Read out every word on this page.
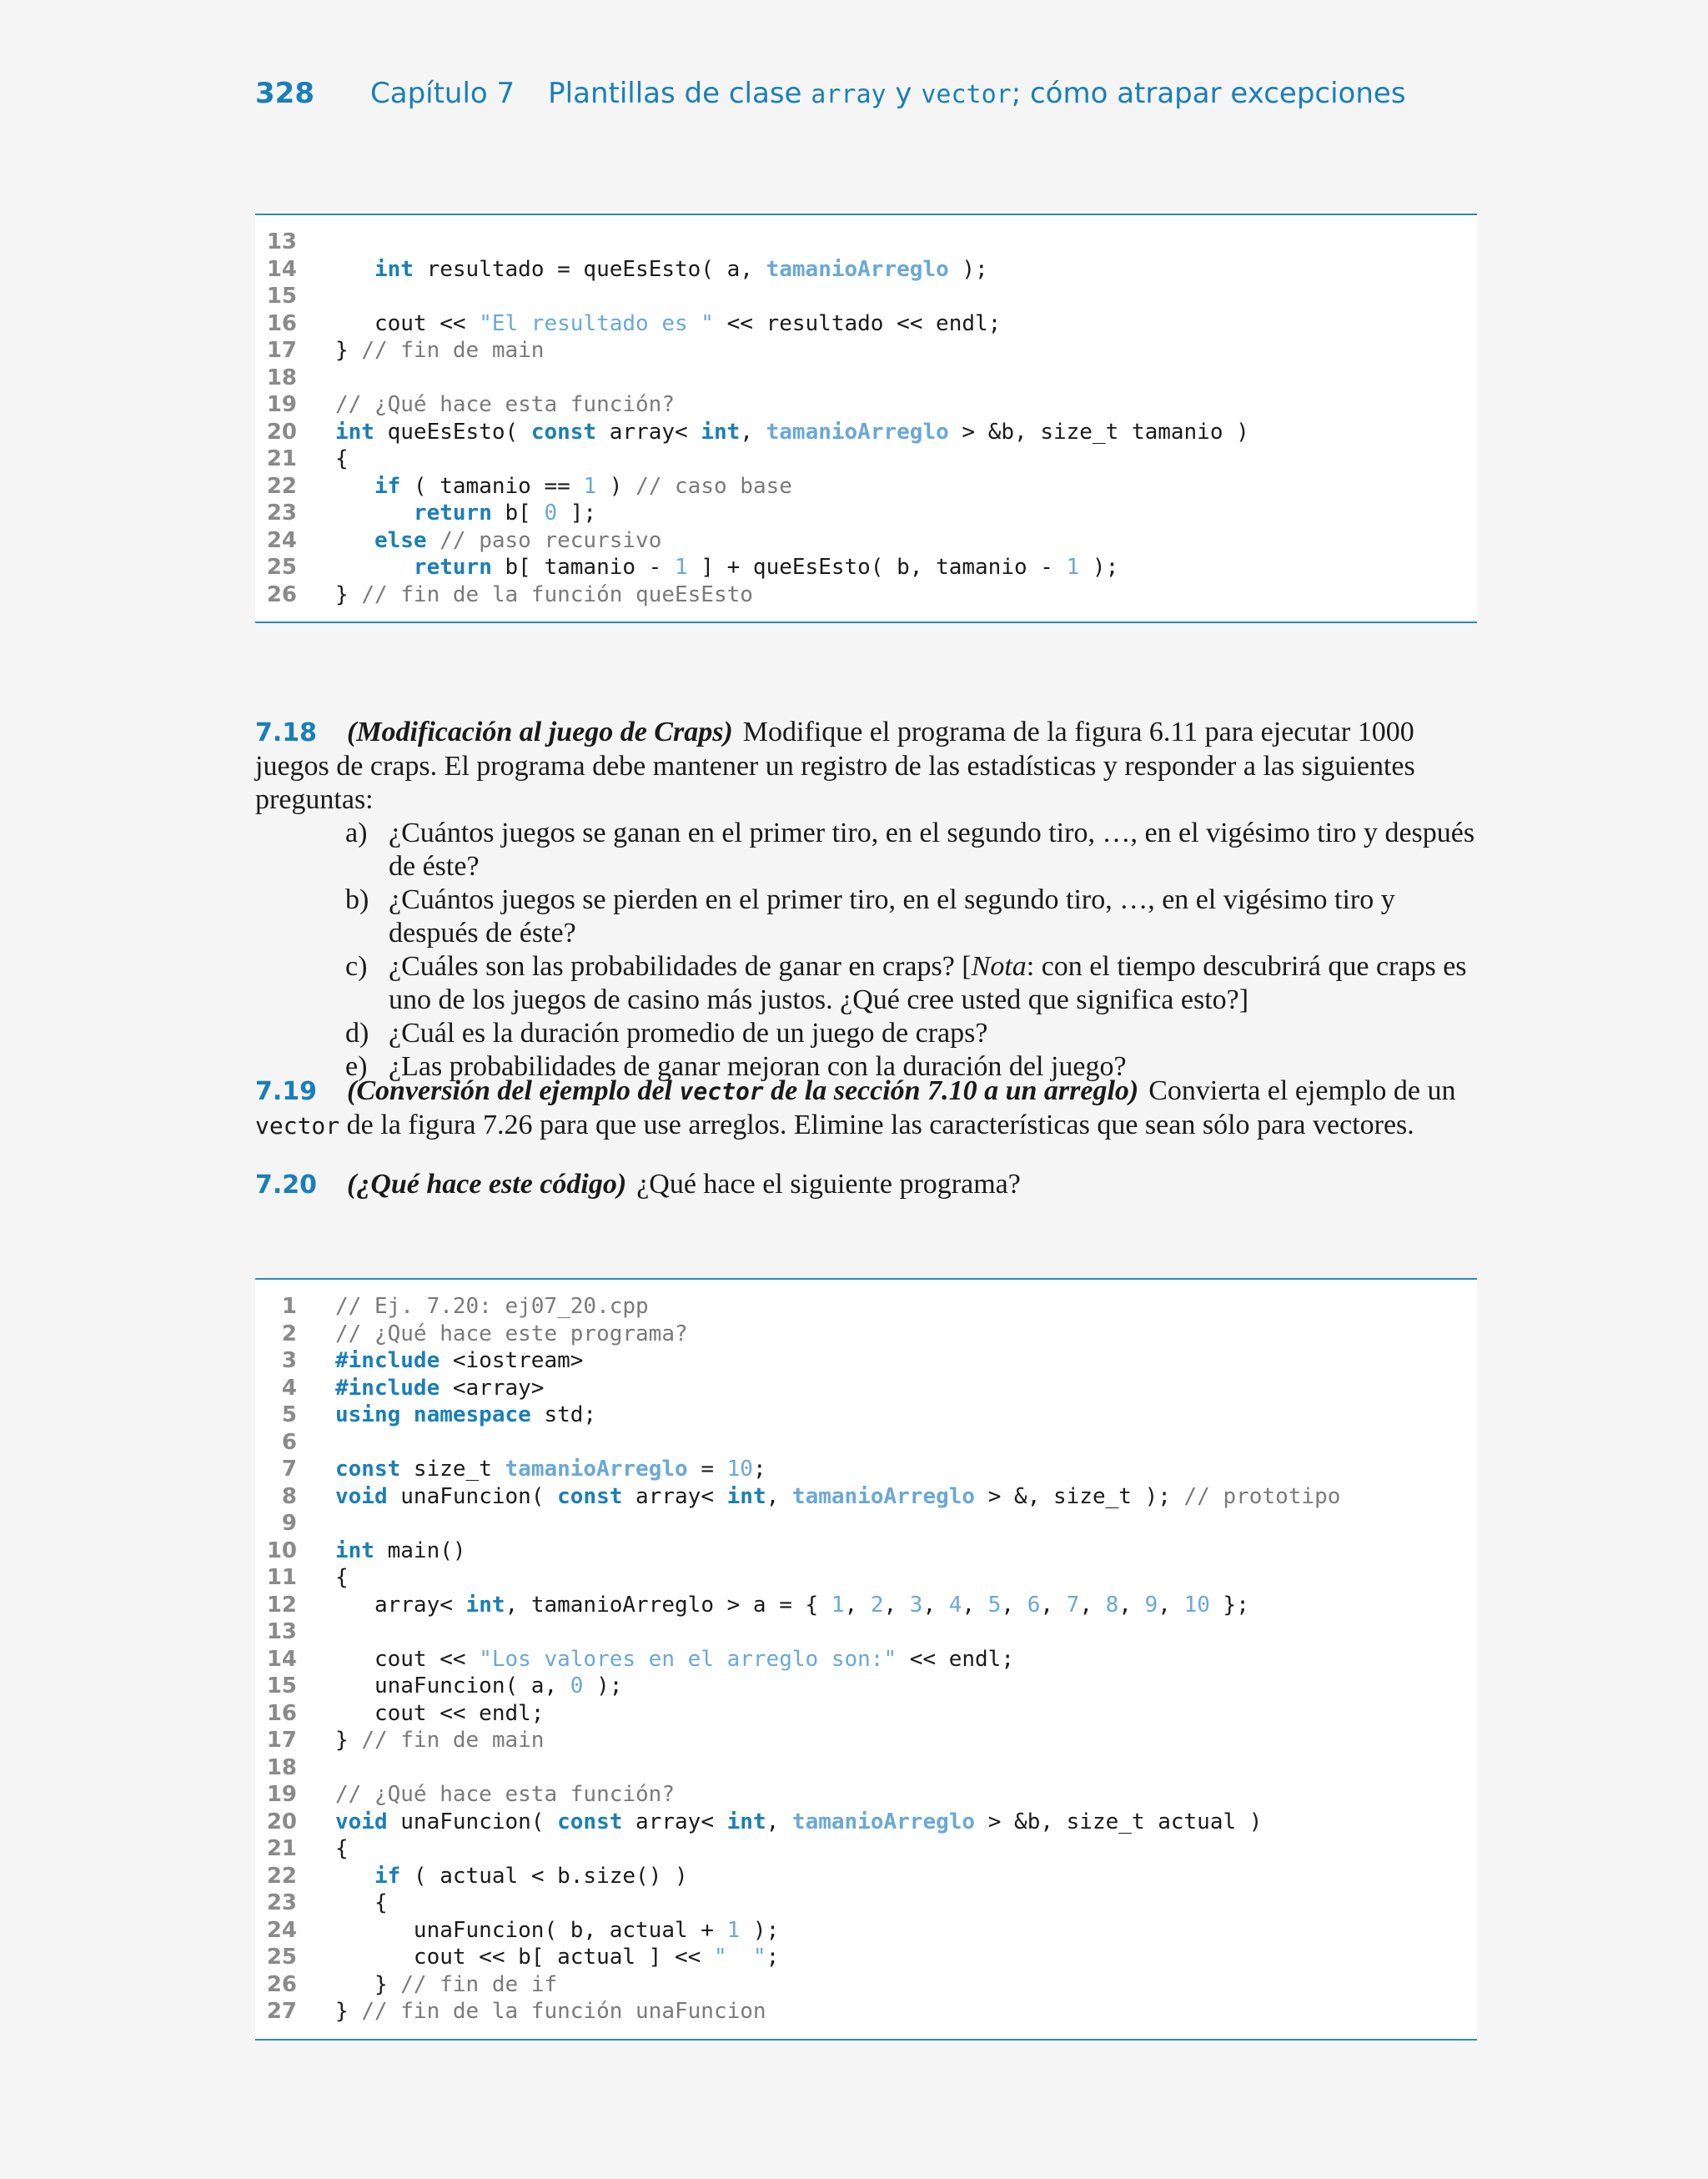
328	Capítulo 7 Plantillas de clase array y vector; cómo atrapar excepciones
13
14	int resultado = queEsEsto( a, tamanioArreglo );
15
16 cout << "El resultado es " << resultado << endl;
17 } // fin de main
18
19 // ¿Qué hace esta función?
20 int queEsEsto( const array< int, tamanioArreglo > &b, size_t tamanio )
21 {
22	if ( tamanio == 1 ) // caso base
23	return b[ 0 ];
24	else // paso recursivo
25	return b[ tamanio - 1 ] + queEsEsto( b, tamanio - 1 );
26 } // fin de la función queEsEsto
7.18 (Modificación al juego de Craps) Modifique el programa de la figura 6.11 para ejecutar 1000 juegos de craps. El programa debe mantener un registro de las estadísticas y responder a las siguientes preguntas:
a) ¿Cuántos juegos se ganan en el primer tiro, en el segundo tiro, …, en el vigésimo tiro y después de éste?
b) ¿Cuántos juegos se pierden en el primer tiro, en el segundo tiro, …, en el vigésimo tiro y después de éste?
c) ¿Cuáles son las probabilidades de ganar en craps? [Nota: con el tiempo descubrirá que craps es uno de los juegos de casino más justos. ¿Qué cree usted que significa esto?]
d) ¿Cuál es la duración promedio de un juego de craps?
e) ¿Las probabilidades de ganar mejoran con la duración del juego?
7.19 (Conversión del ejemplo del vector de la sección 7.10 a un arreglo) Convierta el ejemplo de un vector de la figura 7.26 para que use arreglos. Elimine las características que sean sólo para vectores.
7.20 (¿Qué hace este código) ¿Qué hace el siguiente programa?
1 // Ej. 7.20: ej07_20.cpp
2 // ¿Qué hace este programa?
3 #include <iostream>
4 #include <array>
5 using namespace std;
6
7 const size_t tamanioArreglo = 10;
8 void unaFuncion( const array< int, tamanioArreglo > &, size_t ); // prototipo
9
10 int main()
11 {
12 array< int, tamanioArreglo > a = { 1, 2, 3, 4, 5, 6, 7, 8, 9, 10 };
13
14 cout << "Los valores en el arreglo son:" << endl;
15 unaFuncion( a, 0 );
16 cout << endl;
17 } // fin de main
18
19 // ¿Qué hace esta función?
20 void unaFuncion( const array< int, tamanioArreglo > &b, size_t actual )
21 {
22	if ( actual < b.size() )
23 {
24 unaFuncion( b, actual + 1 );
25 cout << b[ actual ] << "  ";
26 } // fin de if
27 } // fin de la función unaFuncion
